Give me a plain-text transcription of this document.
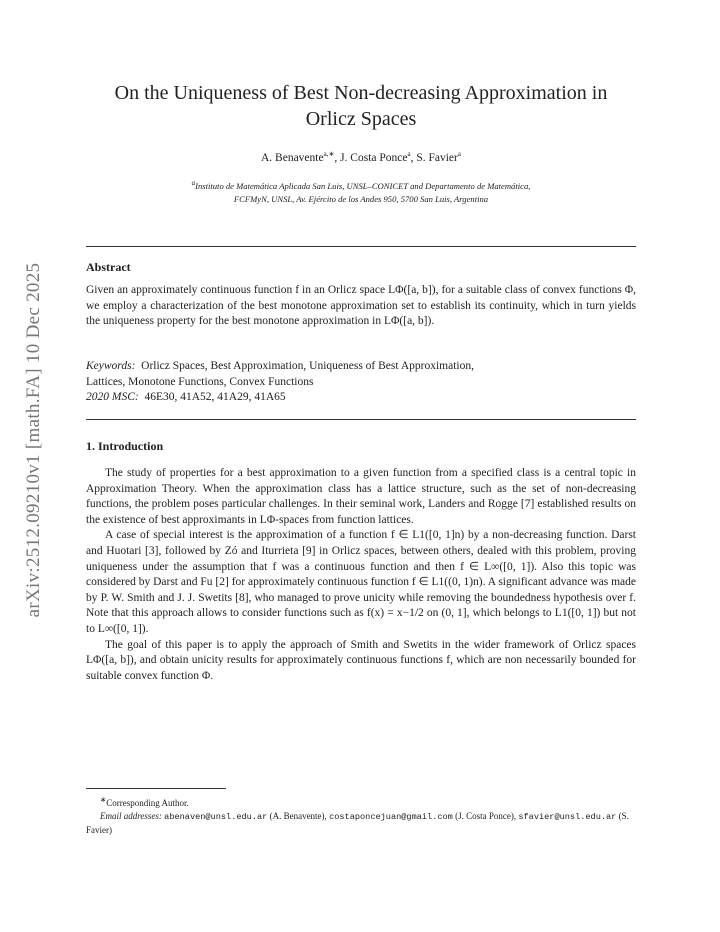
arXiv:2512.09210v1 [math.FA] 10 Dec 2025
On the Uniqueness of Best Non-decreasing Approximation in
Orlicz Spaces
A. Benavente$^{a,∗}$, J. Costa Ponce$^a$, S. Favier$^a$
$^a$Instituto de Matemática Aplicada San Luis, UNSL–CONICET and Departamento de Matemática,
FCFMyN, UNSL, Av. Ejército de los Andes 950, 5700 San Luis, Argentina
Abstract
Given an approximately continuous function f in an Orlicz space LΦ([a, b]), for a suitable class of convex functions Φ, we employ a characterization of the best monotone approximation set to establish its continuity, which in turn yields the uniqueness property for the best monotone approximation in LΦ([a, b]).
Keywords: Orlicz Spaces, Best Approximation, Uniqueness of Best Approximation,
Lattices, Monotone Functions, Convex Functions
2020 MSC: 46E30, 41A52, 41A29, 41A65
1. Introduction

The study of properties for a best approximation to a given function from a specified class is a central topic in Approximation Theory. When the approximation class has a lattice structure, such as the set of non-decreasing functions, the problem poses particular challenges. In their seminal work, Landers and Rogge [7] established results on the existence of best approximants in LΦ-spaces from function lattices.

A case of special interest is the approximation of a function f ∈ L1([0, 1]n) by a non-decreasing function. Darst and Huotari [3], followed by Zó and Iturrieta [9] in Orlicz spaces, between others, dealed with this problem, proving uniqueness under the assumption that f was a continuous function and then f ∈ L∞([0, 1]). Also this topic was considered by Darst and Fu [2] for approximately continuous function f ∈ L1((0, 1)n). A significant advance was made by P. W. Smith and J. J. Swetits [8], who managed to prove unicity while removing the boundedness hypothesis over f. Note that this approach allows to consider functions such as f(x) = x−1/2 on (0, 1], which belongs to L1([0, 1]) but not to L∞([0, 1]).

The goal of this paper is to apply the approach of Smith and Swetits in the wider framework of Orlicz spaces LΦ([a, b]), and obtain unicity results for approximately continuous functions f, which are non necessarily bounded for suitable convex function Φ.

∗Corresponding Author.

Email addresses: abenaven@unsl.edu.ar (A. Benavente), costaponcejuan@gmail.com (J. Costa Ponce), sfavier@unsl.edu.ar (S. Favier)
